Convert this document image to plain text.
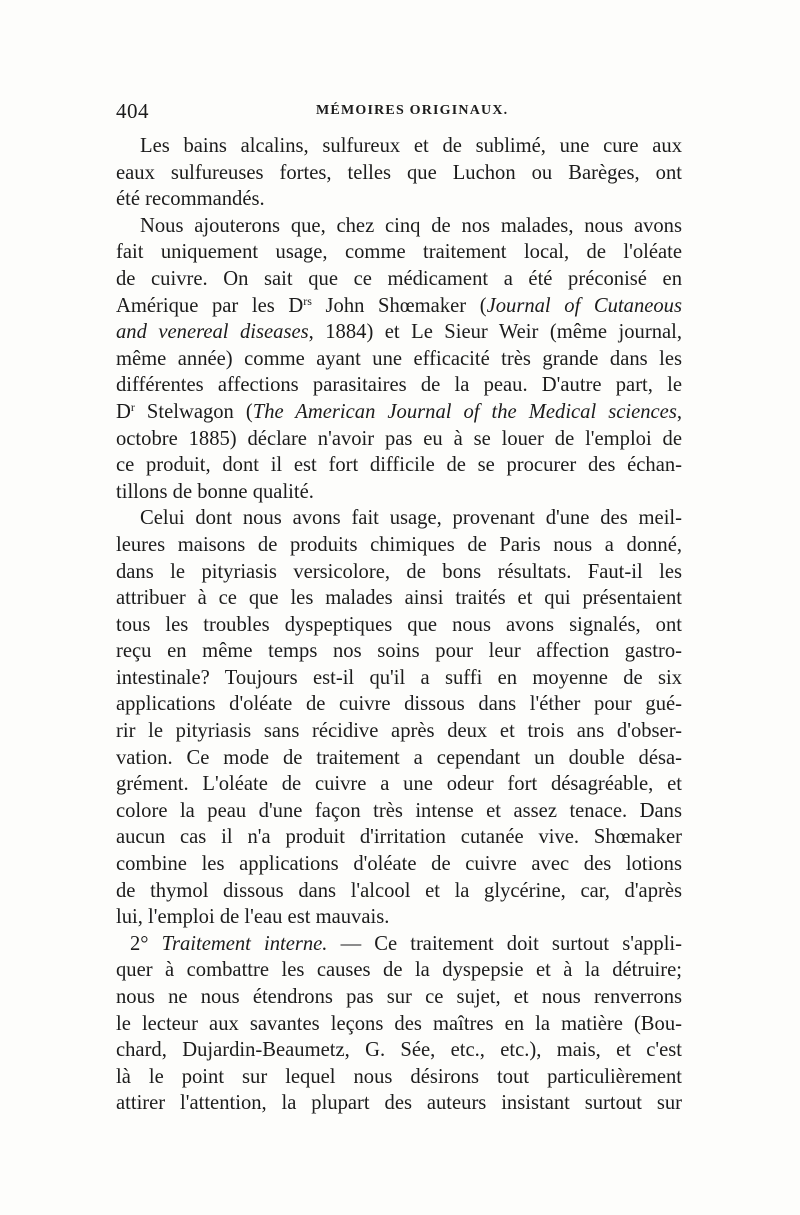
404	MÉMOIRES ORIGINAUX.
Les bains alcalins, sulfureux et de sublimé, une cure aux
eaux sulfureuses fortes, telles que Luchon ou Barèges, ont
été recommandés.
Nous ajouterons que, chez cinq de nos malades, nous avons
fait uniquement usage, comme traitement local, de l'oléate
de cuivre. On sait que ce médicament a été préconisé en
Amérique par les $D^{rs}$ John Shœmaker (Journal of Cutaneous
and venereal diseases, 1884) et Le Sieur Weir (même journal,
même année) comme ayant une efficacité très grande dans les
différentes affections parasitaires de la peau. D'autre part, le
$D^r$ Stelwagon (The American Journal of the Medical sciences,
octobre 1885) déclare n'avoir pas eu à se louer de l'emploi de
ce produit, dont il est fort difficile de se procurer des échan-
tillons de bonne qualité.
Celui dont nous avons fait usage, provenant d'une des meil-
leures maisons de produits chimiques de Paris nous a donné,
dans le pityriasis versicolore, de bons résultats. Faut-il les
attribuer à ce que les malades ainsi traités et qui présentaient
tous les troubles dyspeptiques que nous avons signalés, ont
reçu en même temps nos soins pour leur affection gastro-
intestinale? Toujours est-il qu'il a suffi en moyenne de six
applications d'oléate de cuivre dissous dans l'éther pour gué-
rir le pityriasis sans récidive après deux et trois ans d'obser-
vation. Ce mode de traitement a cependant un double désa-
grément. L'oléate de cuivre a une odeur fort désagréable, et
colore la peau d'une façon très intense et assez tenace. Dans
aucun cas il n'a produit d'irritation cutanée vive. Shœmaker
combine les applications d'oléate de cuivre avec des lotions
de thymol dissous dans l'alcool et la glycérine, car, d'après
lui, l'emploi de l'eau est mauvais.
2° Traitement interne. — Ce traitement doit surtout s'appli-
quer à combattre les causes de la dyspepsie et à la détruire;
nous ne nous étendrons pas sur ce sujet, et nous renverrons
le lecteur aux savantes leçons des maîtres en la matière (Bou-
chard, Dujardin-Beaumetz, G. Sée, etc., etc.), mais, et c'est
là le point sur lequel nous désirons tout particulièrement
attirer l'attention, la plupart des auteurs insistant surtout sur
